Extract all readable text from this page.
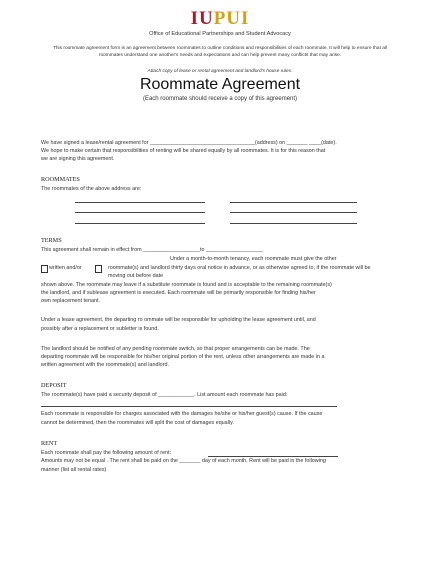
IUPUI
Office of Educational Partnerships and Student Advocacy
This roommate agreement form is an agreement between roommates to outline conditions and responsibilities of each roommate. It will help to ensure that all roommates understand one another's needs and expectations and can help prevent many conflicts that may arise.
Attach copy of lease or rental agreement and landlord's house rules.
Roommate Agreement
(Each roommate should receive a copy of this agreement)
We have signed a lease/rental agreement for ___________________________________(address) on _______ ____(date).
We hope to make certain that responsibilities of renting will be shared equally by all roommates. It is for this reason that
we are signing this agreement.
ROOMMATES
The roommates of the above address are:
TERMS
This agreement shall remain in effect from ___________________to ___________________
Under a month-to-month tenancy, each roommate must give the other
written and/or	roommate(s) and landlord thirty days oral notice in advance, or as otherwise agreed to, if the roommate will be
moving out before date
shown above. The roommate may leave if a substitute roommate is found and is acceptable to the remaining roommate(s)
the landlord, and if sublease agreement is executed. Each roommate will be primarily responsible for finding his/her
own replacement tenant.
Under a lease agreement, the departing ro ommate will be responsible for upholding the lease agreement until, and
possibly after a replacement or subletter is found.
The landlord should be notified of any pending roommate switch, so that proper arrangements can be made. The
departing roommate will be responsible for his/her original portion of the rent, unless other arrangements are made in a
written agreement with the roommate(s) and landlord.
DEPOSIT
The roommate(s) have paid a security deposit of ____________. List amount each roommate has paid:
Each roommate is responsible for charges associated with the damages he/she or his/her guest(s) cause. If the cause
cannot be determined, then the roommates will split the cost of damages equally.
RENT
Each roommate shall pay the following amount of rent:
Amounts may not be equal . The rent shall be paid on the _______ day of each month. Rent will be paid in the following
manner (list all rental rates)
